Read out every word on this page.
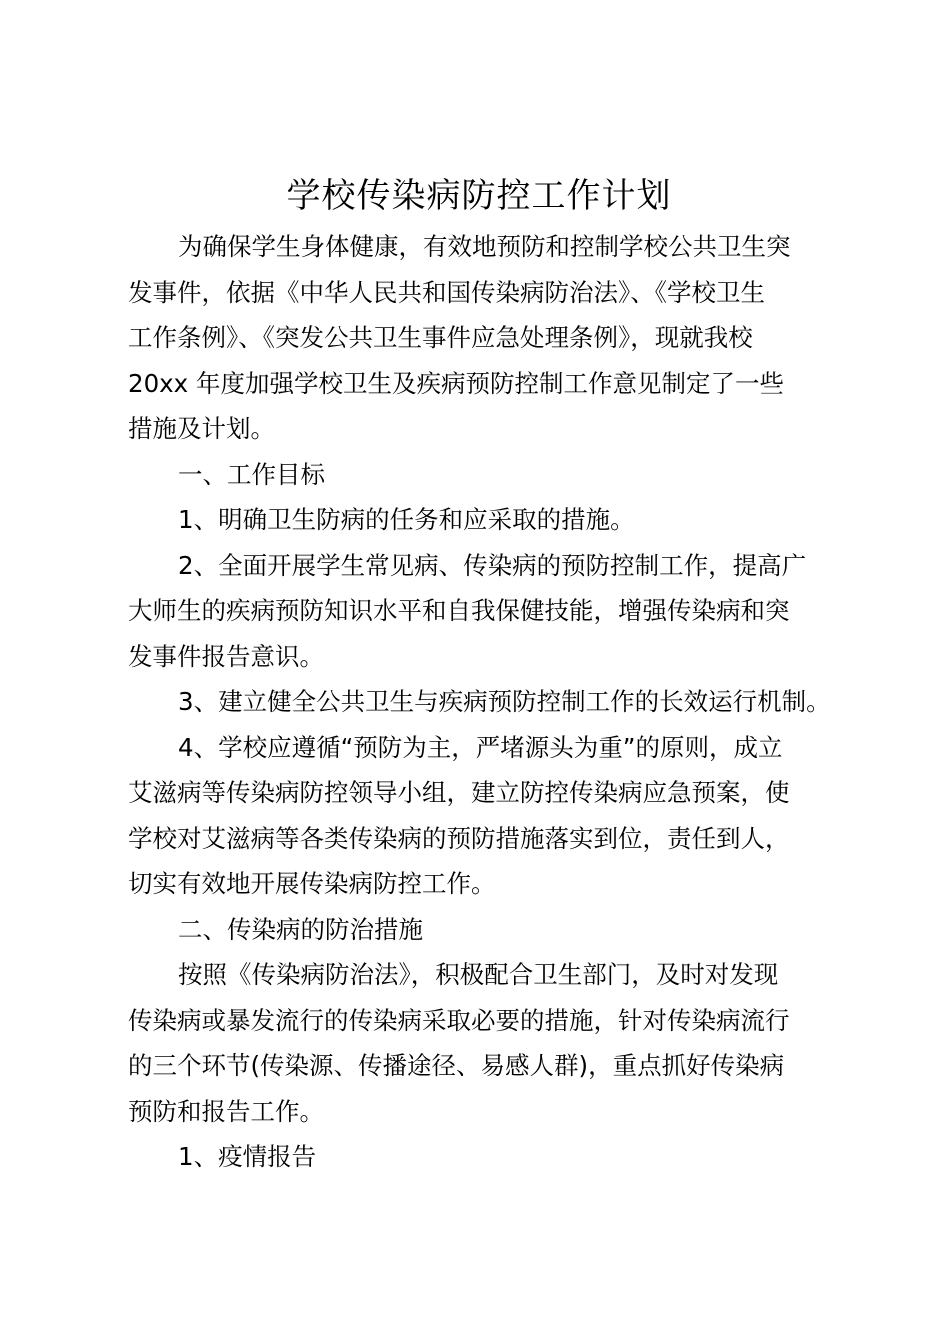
学校传染病防控工作计划
为确保学生身体健康，有效地预防和控制学校公共卫生突
发事件，依据《中华人民共和国传染病防治法》、《学校卫生
工作条例》、《突发公共卫生事件应急处理条例》，现就我校
20xx 年度加强学校卫生及疾病预防控制工作意见制定了一些
措施及计划。
一、工作目标
1、明确卫生防病的任务和应采取的措施。
2、全面开展学生常见病、传染病的预防控制工作，提高广
大师生的疾病预防知识水平和自我保健技能，增强传染病和突
发事件报告意识。
3、建立健全公共卫生与疾病预防控制工作的长效运行机制。
4、学校应遵循“预防为主，严堵源头为重”的原则，成立
艾滋病等传染病防控领导小组，建立防控传染病应急预案，使
学校对艾滋病等各类传染病的预防措施落实到位，责任到人，
切实有效地开展传染病防控工作。
二、传染病的防治措施
按照《传染病防治法》，积极配合卫生部门，及时对发现
传染病或暴发流行的传染病采取必要的措施，针对传染病流行
的三个环节(传染源、传播途径、易感人群)，重点抓好传染病
预防和报告工作。
1、疫情报告
